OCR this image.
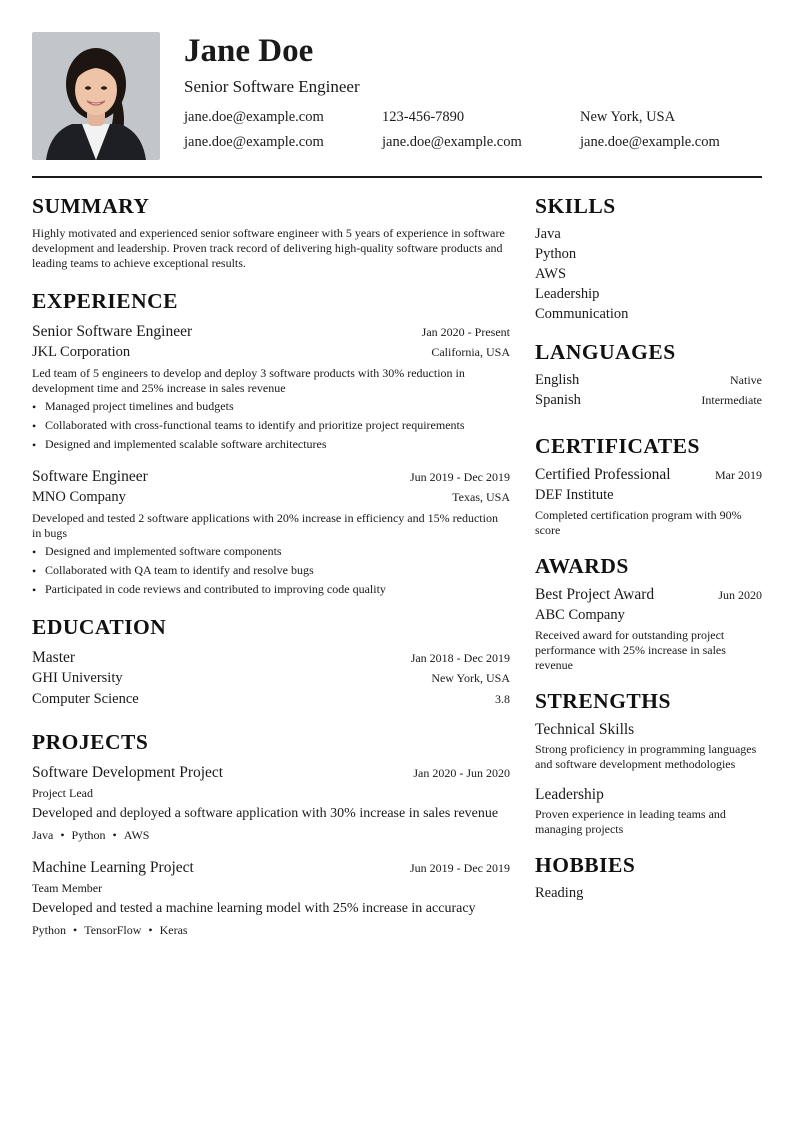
Jane Doe
Senior Software Engineer
jane.doe@example.com	123-456-7890	New York, USA
jane.doe@example.com	jane.doe@example.com	jane.doe@example.com
SUMMARY
Highly motivated and experienced senior software engineer with 5 years of experience in software development and leadership. Proven track record of delivering high-quality software products and leading teams to achieve exceptional results.
EXPERIENCE
Senior Software Engineer	Jan 2020 - Present
JKL Corporation	California, USA
Led team of 5 engineers to develop and deploy 3 software products with 30% reduction in development time and 25% increase in sales revenue
• Managed project timelines and budgets
• Collaborated with cross-functional teams to identify and prioritize project requirements
• Designed and implemented scalable software architectures
Software Engineer	Jun 2019 - Dec 2019
MNO Company	Texas, USA
Developed and tested 2 software applications with 20% increase in efficiency and 15% reduction in bugs
• Designed and implemented software components
• Collaborated with QA team to identify and resolve bugs
• Participated in code reviews and contributed to improving code quality
EDUCATION
Master	Jan 2018 - Dec 2019
GHI University	New York, USA
Computer Science	3.8
PROJECTS
Software Development Project	Jan 2020 - Jun 2020
Project Lead
Developed and deployed a software application with 30% increase in sales revenue
Java • Python • AWS
Machine Learning Project	Jun 2019 - Dec 2019
Team Member
Developed and tested a machine learning model with 25% increase in accuracy
Python • TensorFlow • Keras
SKILLS
Java
Python
AWS
Leadership
Communication
LANGUAGES
English	Native
Spanish	Intermediate
CERTIFICATES
Certified Professional	Mar 2019
DEF Institute
Completed certification program with 90% score
AWARDS
Best Project Award	Jun 2020
ABC Company
Received award for outstanding project performance with 25% increase in sales revenue
STRENGTHS
Technical Skills
Strong proficiency in programming languages and software development methodologies
Leadership
Proven experience in leading teams and managing projects
HOBBIES
Reading
